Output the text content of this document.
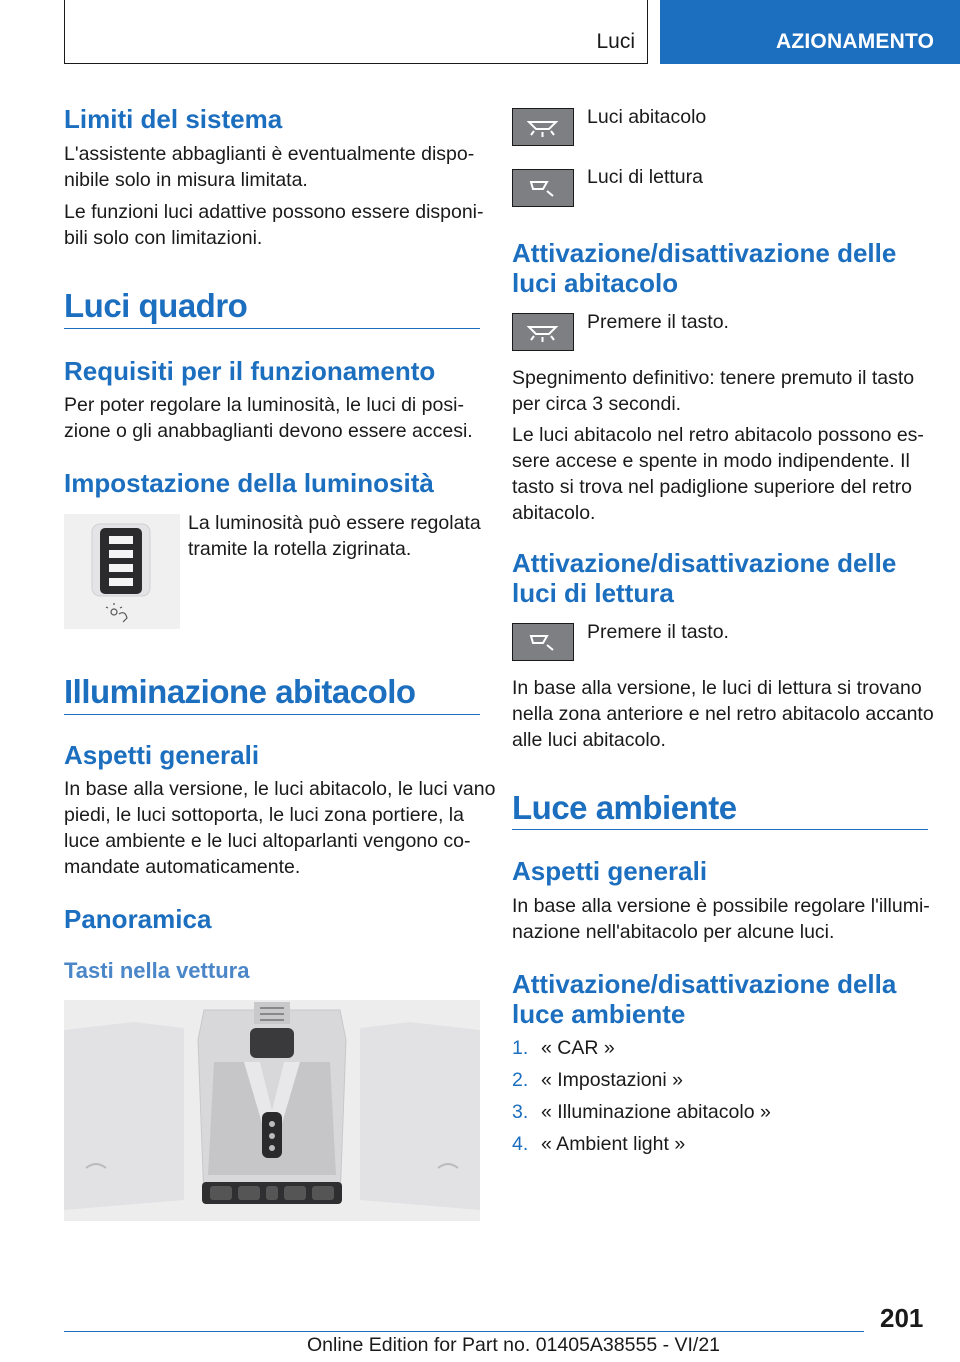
Luci	AZIONAMENTO
Limiti del sistema

L'assistente abbaglianti è eventualmente dispo‐

nibile solo in misura limitata.

Le funzioni luci adattive possono essere disponi‐

bili solo con limitazioni.

Luci quadro
Requisiti per il funzionamento

Per poter regolare la luminosità, le luci di posi‐

zione o gli anabbaglianti devono essere accesi.

Impostazione della luminosità

La luminosità può essere regolata

tramite la rotella zigrinata.

Illuminazione abitacolo
Aspetti generali

In base alla versione, le luci abitacolo, le luci vano

piedi, le luci sottoporta, le luci zona portiere, la

luce ambiente e le luci altoparlanti vengono co‐

mandate automaticamente.

Panoramica
Tasti nella vettura

Luci abitacolo

Luci di lettura

Attivazione/disattivazione delle
luci abitacolo

Premere il tasto.

Spegnimento definitivo: tenere premuto il tasto

per circa 3 secondi.

Le luci abitacolo nel retro abitacolo possono es‐

sere accese e spente in modo indipendente. Il

tasto si trova nel padiglione superiore del retro

abitacolo.

Attivazione/disattivazione delle
luci di lettura

Premere il tasto.

In base alla versione, le luci di lettura si trovano

nella zona anteriore e nel retro abitacolo accanto

alle luci abitacolo.

Luce ambiente
Aspetti generali

In base alla versione è possibile regolare l'illumi‐

nazione nell'abitacolo per alcune luci.

Attivazione/disattivazione della
luce ambiente
1. « CAR »
2. « Impostazioni »
3. « Illuminazione abitacolo »
4. « Ambient light »
201
Online Edition for Part no. 01405A38555 - VI/21
